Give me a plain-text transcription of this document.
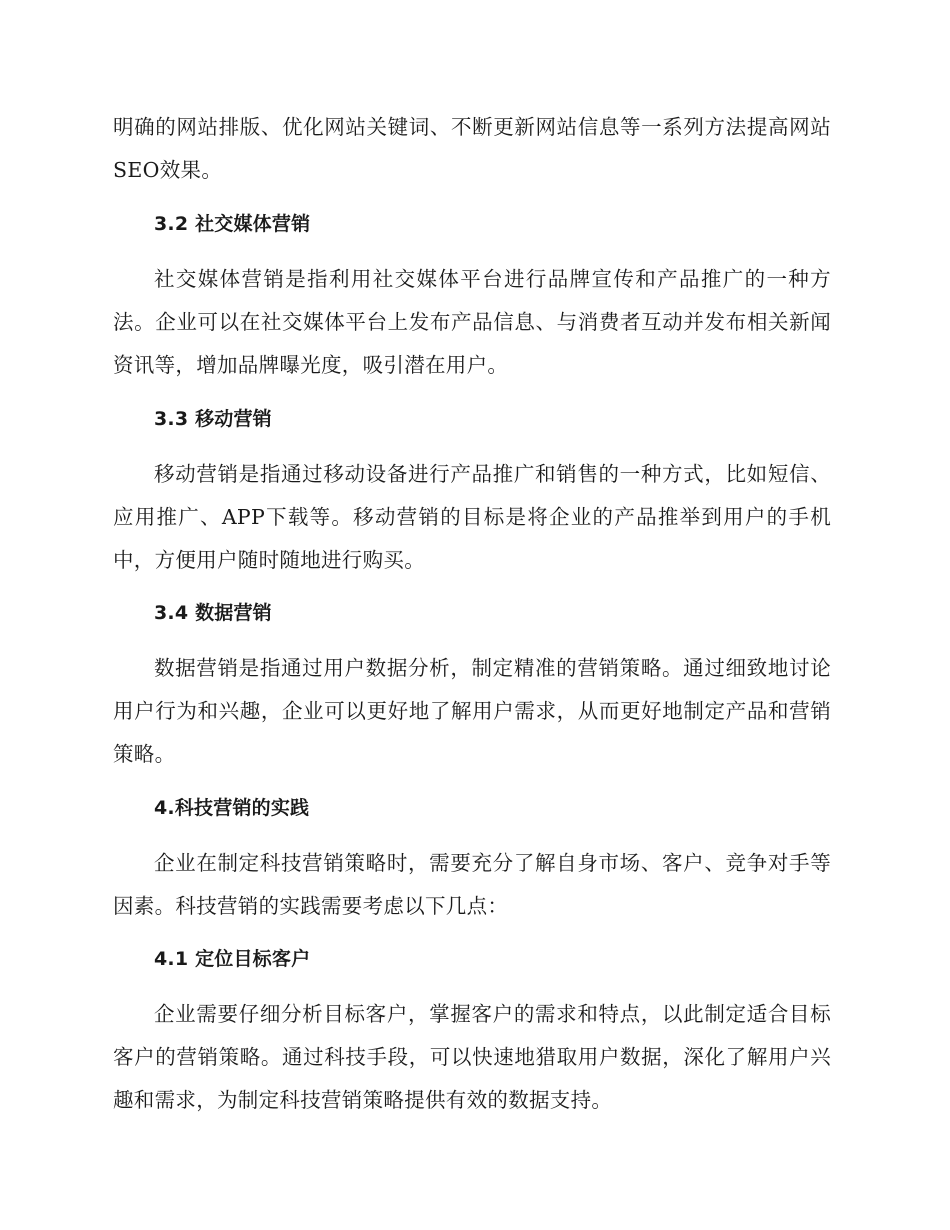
明确的网站排版、优化网站关键词、不断更新网站信息等一系列方法提高网站SEO效果。

3.2 社交媒体营销

社交媒体营销是指利用社交媒体平台进行品牌宣传和产品推广的一种方法。企业可以在社交媒体平台上发布产品信息、与消费者互动并发布相关新闻资讯等，增加品牌曝光度，吸引潜在用户。

3.3 移动营销

移动营销是指通过移动设备进行产品推广和销售的一种方式，比如短信、应用推广、APP下载等。移动营销的目标是将企业的产品推举到用户的手机中，方便用户随时随地进行购买。

3.4 数据营销

数据营销是指通过用户数据分析，制定精准的营销策略。通过细致地讨论用户行为和兴趣，企业可以更好地了解用户需求，从而更好地制定产品和营销策略。

4.科技营销的实践

企业在制定科技营销策略时，需要充分了解自身市场、客户、竞争对手等因素。科技营销的实践需要考虑以下几点：

4.1 定位目标客户

企业需要仔细分析目标客户，掌握客户的需求和特点，以此制定适合目标客户的营销策略。通过科技手段，可以快速地猎取用户数据，深化了解用户兴趣和需求，为制定科技营销策略提供有效的数据支持。
